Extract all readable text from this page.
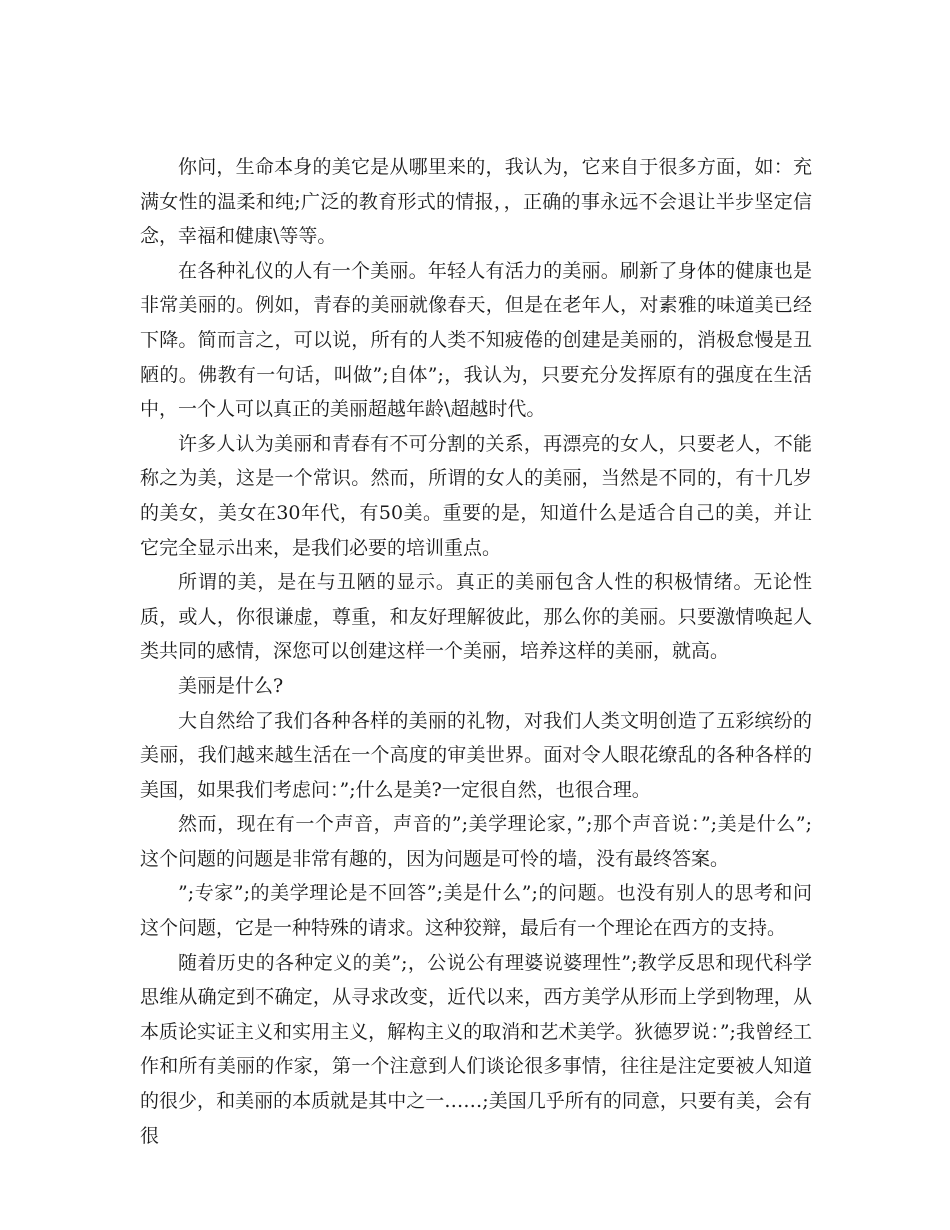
你问，生命本身的美它是从哪里来的，我认为，它来自于很多方面，如：充满女性的温柔和纯;广泛的教育形式的情报，，正确的事永远不会退让半步坚定信念，幸福和健康\等等。

在各种礼仪的人有一个美丽。年轻人有活力的美丽。刷新了身体的健康也是非常美丽的。例如，青春的美丽就像春天，但是在老年人，对素雅的味道美已经下降。简而言之，可以说，所有的人类不知疲倦的创建是美丽的，消极怠慢是丑陋的。佛教有一句话，叫做”;自体”;，我认为，只要充分发挥原有的强度在生活中，一个人可以真正的美丽超越年龄\超越时代。

许多人认为美丽和青春有不可分割的关系，再漂亮的女人，只要老人，不能称之为美，这是一个常识。然而，所谓的女人的美丽，当然是不同的，有十几岁的美女，美女在30年代，有50美。重要的是，知道什么是适合自己的美，并让它完全显示出来，是我们必要的培训重点。

所谓的美，是在与丑陋的显示。真正的美丽包含人性的积极情绪。无论性质，或人，你很谦虚，尊重，和友好理解彼此，那么你的美丽。只要激情唤起人类共同的感情，深您可以创建这样一个美丽，培养这样的美丽，就高。

美丽是什么?

大自然给了我们各种各样的美丽的礼物，对我们人类文明创造了五彩缤纷的美丽，我们越来越生活在一个高度的审美世界。面对令人眼花缭乱的各种各样的美国，如果我们考虑问：”;什么是美?一定很自然，也很合理。

然而，现在有一个声音，声音的”;美学理论家，”;那个声音说：”;美是什么”;这个问题的问题是非常有趣的，因为问题是可怜的墙，没有最终答案。

”;专家”;的美学理论是不回答”;美是什么”;的问题。也没有别人的思考和问这个问题，它是一种特殊的请求。这种狡辩，最后有一个理论在西方的支持。

随着历史的各种定义的美”;，公说公有理婆说婆理性”;教学反思和现代科学思维从确定到不确定，从寻求改变，近代以来，西方美学从形而上学到物理，从本质论实证主义和实用主义，解构主义的取消和艺术美学。狄德罗说：”;我曾经工作和所有美丽的作家，第一个注意到人们谈论很多事情，往往是注定要被人知道的很少，和美丽的本质就是其中之一……;美国几乎所有的同意，只要有美，会有很
